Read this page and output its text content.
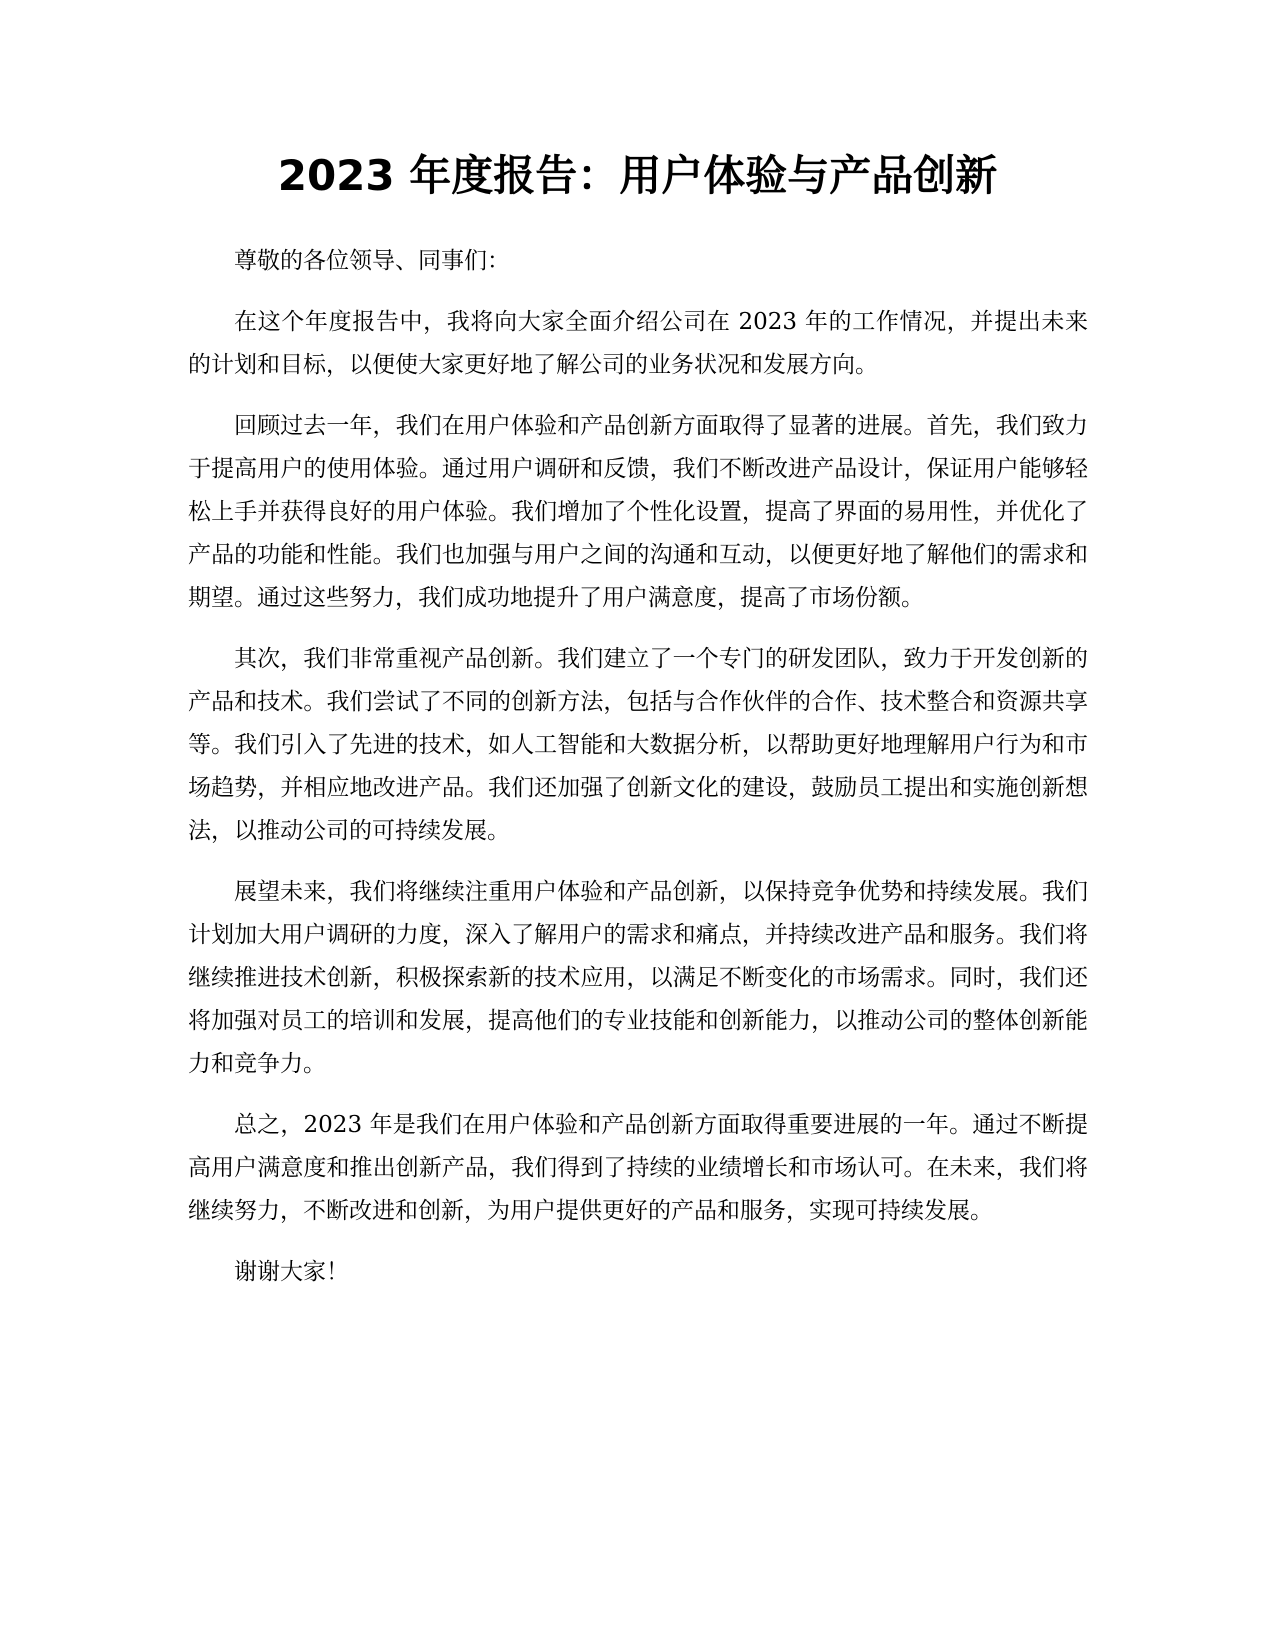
2023 年度报告：用户体验与产品创新

尊敬的各位领导、同事们：

在这个年度报告中，我将向大家全面介绍公司在 2023 年的工作情况，并提出未来的计划和目标，以便使大家更好地了解公司的业务状况和发展方向。

回顾过去一年，我们在用户体验和产品创新方面取得了显著的进展。首先，我们致力于提高用户的使用体验。通过用户调研和反馈，我们不断改进产品设计，保证用户能够轻松上手并获得良好的用户体验。我们增加了个性化设置，提高了界面的易用性，并优化了产品的功能和性能。我们也加强与用户之间的沟通和互动，以便更好地了解他们的需求和期望。通过这些努力，我们成功地提升了用户满意度，提高了市场份额。

其次，我们非常重视产品创新。我们建立了一个专门的研发团队，致力于开发创新的产品和技术。我们尝试了不同的创新方法，包括与合作伙伴的合作、技术整合和资源共享等。我们引入了先进的技术，如人工智能和大数据分析，以帮助更好地理解用户行为和市场趋势，并相应地改进产品。我们还加强了创新文化的建设，鼓励员工提出和实施创新想法，以推动公司的可持续发展。

展望未来，我们将继续注重用户体验和产品创新，以保持竞争优势和持续发展。我们计划加大用户调研的力度，深入了解用户的需求和痛点，并持续改进产品和服务。我们将继续推进技术创新，积极探索新的技术应用，以满足不断变化的市场需求。同时，我们还将加强对员工的培训和发展，提高他们的专业技能和创新能力，以推动公司的整体创新能力和竞争力。

总之，2023 年是我们在用户体验和产品创新方面取得重要进展的一年。通过不断提高用户满意度和推出创新产品，我们得到了持续的业绩增长和市场认可。在未来，我们将继续努力，不断改进和创新，为用户提供更好的产品和服务，实现可持续发展。

谢谢大家！
